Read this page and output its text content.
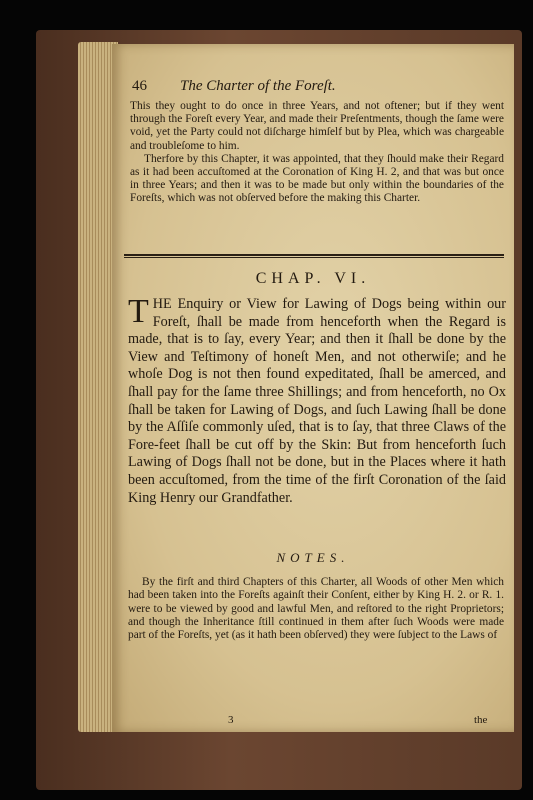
46 The Charter of the Foreſt.

This they ought to do once in three Years, and not oftener; but if they went through the Foreſt every Year, and made their Preſentments, though the ſame were void, yet the Party could not diſcharge himſelf but by Plea, which was chargeable and troubleſome to him.

Therfore by this Chapter, it was appointed, that they ſhould make their Regard as it had been accuſtomed at the Coronation of King H. 2, and that was but once in three Years; and then it was to be made but only within the boundaries of the Foreſts, which was not obſerved before the making this Charter.

CHAP. VI.
T HE Enquiry or View for Lawing of Dogs being within our Foreſt, ſhall be made from henceforth when the Regard is made, that is to ſay, every Year; and then it ſhall be done by the View and Teſtimony of honeſt Men, and not otherwiſe; and he whoſe Dog is not then found expeditated, ſhall be amerced, and ſhall pay for the ſame three Shillings; and from henceforth, no Ox ſhall be taken for Lawing of Dogs, and ſuch Lawing ſhall be done by the Aſſiſe commonly uſed, that is to ſay, that three Claws of the Fore-feet ſhall be cut off by the Skin: But from henceforth ſuch Lawing of Dogs ſhall not be done, but in the Places where it hath been accuſtomed, from the time of the firſt Coronation of the ſaid King Henry our Grandfather.
NOTES.
By the firſt and third Chapters of this Charter, all Woods of other Men which had been taken into the Foreſts againſt their Conſent, either by King H. 2. or R. 1. were to be viewed by good and lawful Men, and reſtored to the right Proprietors; and though the Inheritance ſtill continued in them after ſuch Woods were made part of the Foreſts, yet (as it hath been obſerved) they were ſubject to the Laws of
3	the
